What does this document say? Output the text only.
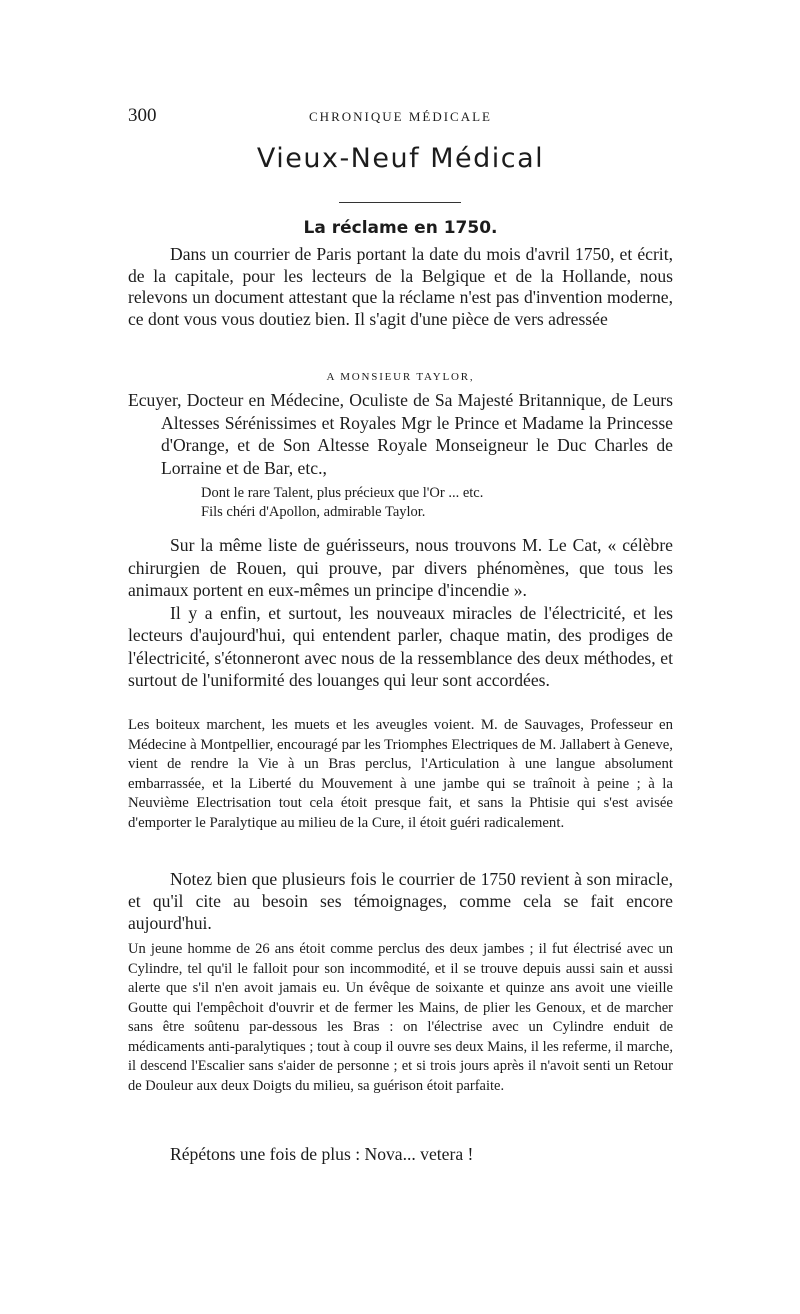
300	CHRONIQUE MÉDICALE
Vieux-Neuf Médical
La réclame en 1750.

Dans un courrier de Paris portant la date du mois d'avril 1750, et écrit, de la capitale, pour les lecteurs de la Belgique et de la Hollande, nous relevons un document attestant que la réclame n'est pas d'invention moderne, ce dont vous vous doutiez bien. Il s'agit d'une pièce de vers adressée

A MONSIEUR TAYLOR,

Ecuyer, Docteur en Médecine, Oculiste de Sa Majesté Britannique, de Leurs Altesses Sérénissimes et Royales Mgr le Prince et Madame la Princesse d'Orange, et de Son Altesse Royale Monseigneur le Duc Charles de Lorraine et de Bar, etc.,

Dont le rare Talent, plus précieux que l'Or ... etc.

Fils chéri d'Apollon, admirable Taylor.

Sur la même liste de guérisseurs, nous trouvons M. Le Cat, « célèbre chirurgien de Rouen, qui prouve, par divers phénomènes, que tous les animaux portent en eux-mêmes un principe d'incendie ».

Il y a enfin, et surtout, les nouveaux miracles de l'électricité, et les lecteurs d'aujourd'hui, qui entendent parler, chaque matin, des prodiges de l'électricité, s'étonneront avec nous de la ressemblance des deux méthodes, et surtout de l'uniformité des louanges qui leur sont accordées.

Les boiteux marchent, les muets et les aveugles voient. M. de Sauvages, Professeur en Médecine à Montpellier, encouragé par les Triomphes Electriques de M. Jallabert à Geneve, vient de rendre la Vie à un Bras perclus, l'Articulation à une langue absolument embarrassée, et la Liberté du Mouvement à une jambe qui se traînoit à peine ; à la Neuvième Electrisation tout cela étoit presque fait, et sans la Phtisie qui s'est avisée d'emporter le Paralytique au milieu de la Cure, il étoit guéri radicalement.

Notez bien que plusieurs fois le courrier de 1750 revient à son miracle, et qu'il cite au besoin ses témoignages, comme cela se fait encore aujourd'hui.

Un jeune homme de 26 ans étoit comme perclus des deux jambes ; il fut électrisé avec un Cylindre, tel qu'il le falloit pour son incommodité, et il se trouve depuis aussi sain et aussi alerte que s'il n'en avoit jamais eu. Un évêque de soixante et quinze ans avoit une vieille Goutte qui l'empêchoit d'ouvrir et de fermer les Mains, de plier les Genoux, et de marcher sans être soûtenu par-dessous les Bras : on l'électrise avec un Cylindre enduit de médicaments anti-paralytiques ; tout à coup il ouvre ses deux Mains, il les referme, il marche, il descend l'Escalier sans s'aider de personne ; et si trois jours après il n'avoit senti un Retour de Douleur aux deux Doigts du milieu, sa guérison étoit parfaite.

Répétons une fois de plus : Nova... vetera !
